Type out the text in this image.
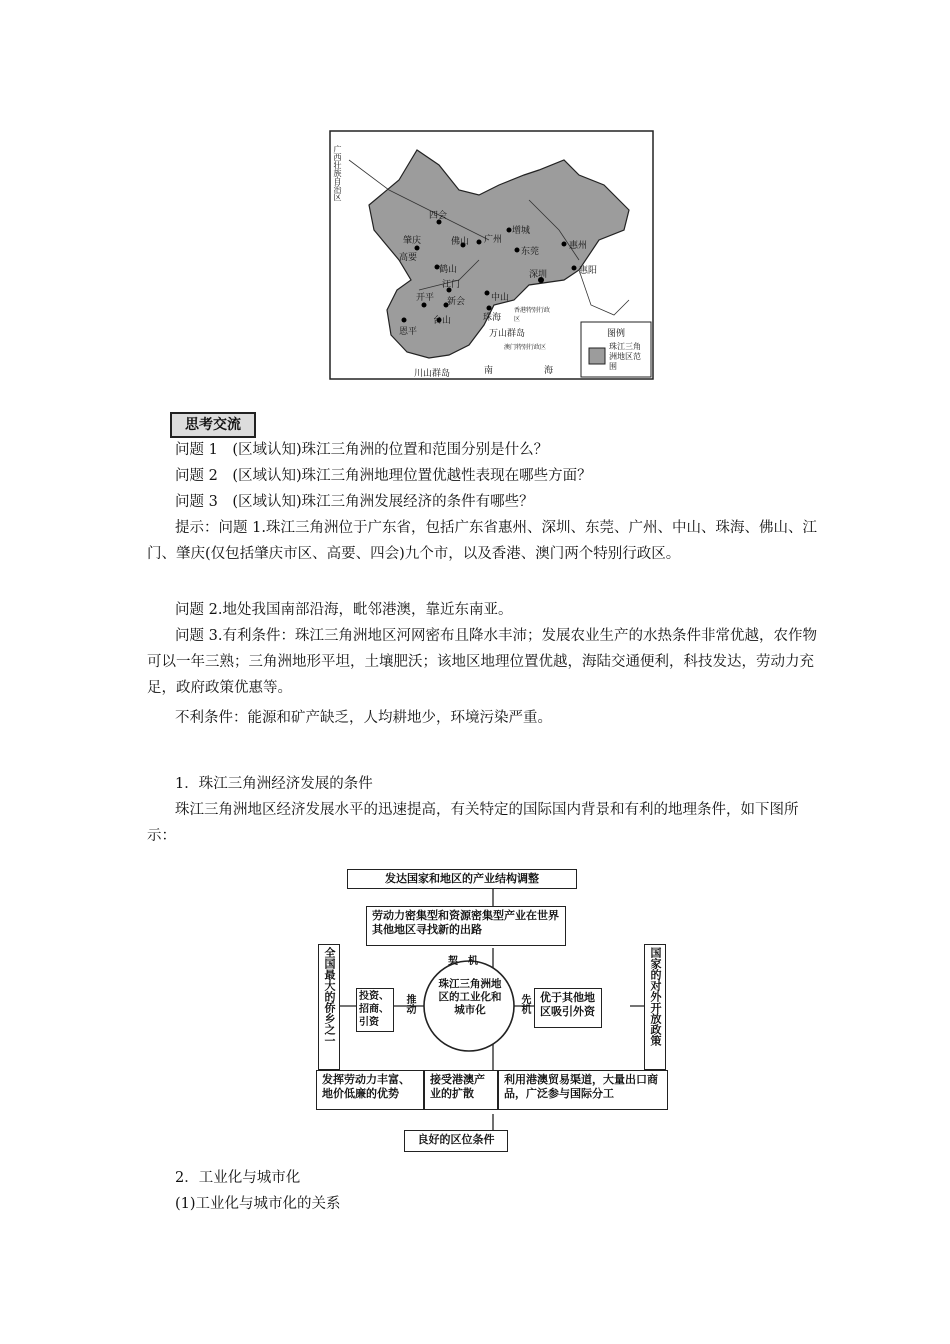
广西壮族自治区
四会
肇庆	佛山 广州
增城
东莞
惠州
高要
鹤山	深圳	惠阳
江门
开平 新会	中山
香港特别行政区
台山	珠海
恩平	万山群岛
澳门特别行政区
川山群岛	南	海
图例
珠江三角洲地区范围
思考交流
问题 1　(区域认知)珠江三角洲的位置和范围分别是什么？
问题 2　(区域认知)珠江三角洲地理位置优越性表现在哪些方面？
问题 3　(区域认知)珠江三角洲发展经济的条件有哪些？
提示：问题 1.珠江三角洲位于广东省，包括广东省惠州、深圳、东莞、广州、中山、珠海、佛山、江门、肇庆(仅包括肇庆市区、高要、四会)九个市，以及香港、澳门两个特别行政区。
问题 2.地处我国南部沿海，毗邻港澳，靠近东南亚。
问题 3.有利条件：珠江三角洲地区河网密布且降水丰沛；发展农业生产的水热条件非常优越，农作物可以一年三熟；三角洲地形平坦，土壤肥沃；该地区地理位置优越，海陆交通便利，科技发达，劳动力充足，政府政策优惠等。
不利条件：能源和矿产缺乏，人均耕地少，环境污染严重。
1．珠江三角洲经济发展的条件
珠江三角洲地区经济发展水平的迅速提高，有关特定的国际国内背景和有利的地理条件，如下图所示：
发达国家和地区的产业结构调整
劳动力密集型和资源密集型产业在世界其他地区寻找新的出路
契　机
全国最大的侨乡之一	投资、招商、引资
推动
珠江三角洲地区的工业化和城市化	先机 优于其他地区吸引外资	国家的对外开放政策
发挥劳动力丰富、地价低廉的优势
接受港澳产业的扩散
利用港澳贸易渠道，大量出口商品，广泛参与国际分工
良好的区位条件
2．工业化与城市化
(1)工业化与城市化的关系
